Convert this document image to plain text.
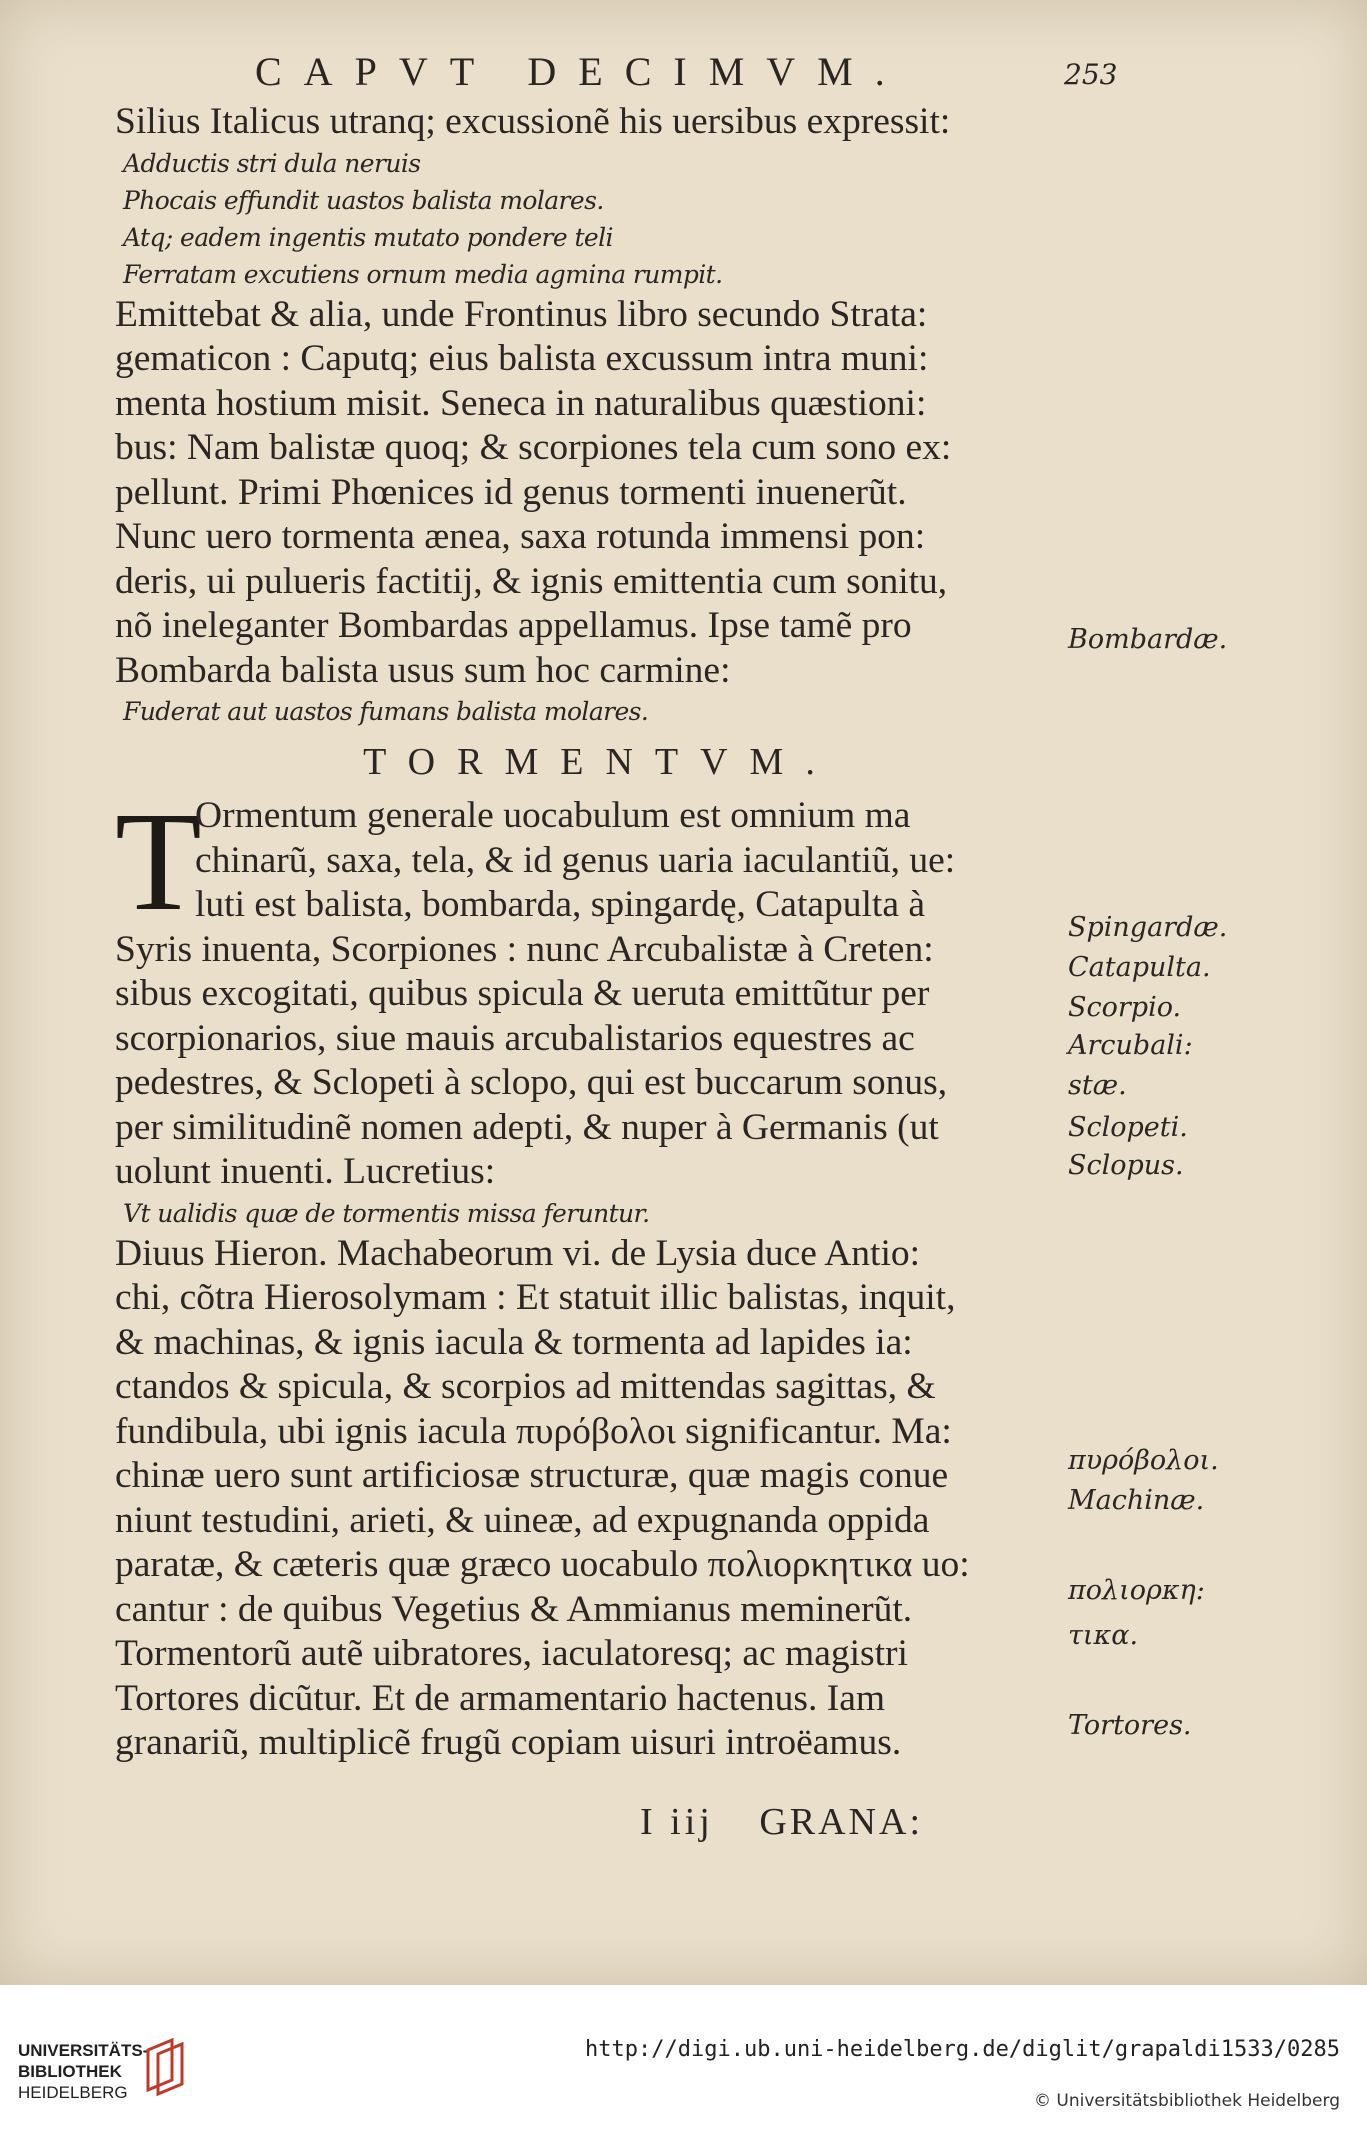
CAPVT DECIMVM.	253
Silius Italicus utranq; excussionẽ his uersibus expressit:
Adductis stri dula neruis
Phocais effundit uastos balista molares.
Atq; eadem ingentis mutato pondere teli
Ferratam excutiens ornum media agmina rumpit.
Emittebat & alia, unde Frontinus libro secundo Strata:
gematicon : Caputq; eius balista excussum intra muni:
menta hostium misit. Seneca in naturalibus quæstioni:
bus: Nam balistæ quoq; & scorpiones tela cum sono ex:
pellunt. Primi Phœnices id genus tormenti inuenerũt.
Nunc uero tormenta ænea, saxa rotunda immensi pon:
deris, ui pulueris factitij, & ignis emittentia cum sonitu,
nõ ineleganter Bombardas appellamus. Ipse tamẽ pro
Bombarda balista usus sum hoc carmine:
Fuderat aut uastos fumans balista molares.
TORMENTVM.
T
Ormentum generale uocabulum est omnium ma
chinarũ, saxa, tela, & id genus uaria iaculantiũ, ue:
luti est balista, bombarda, spingardę, Catapulta à
Syris inuenta, Scorpiones : nunc Arcubalistæ à Creten:
sibus excogitati, quibus spicula & ueruta emittũtur per
scorpionarios, siue mauis arcubalistarios equestres ac
pedestres, & Sclopeti à sclopo, qui est buccarum sonus,
per similitudinẽ nomen adepti, & nuper à Germanis (ut
uolunt inuenti. Lucretius:
Vt ualidis quæ de tormentis missa feruntur.
Diuus Hieron. Machabeorum vi. de Lysia duce Antio:
chi, cõtra Hierosolymam : Et statuit illic balistas, inquit,
& machinas, & ignis iacula & tormenta ad lapides ia:
ctandos & spicula, & scorpios ad mittendas sagittas, &
fundibula, ubi ignis iacula πυρόβολοι significantur. Ma:
chinæ uero sunt artificiosæ structuræ, quæ magis conue
niunt testudini, arieti, & uineæ, ad expugnanda oppida
paratæ, & cæteris quæ græco uocabulo πολιορκητικα uo:
cantur : de quibus Vegetius & Ammianus meminerũt.
Tormentorũ autẽ uibratores, iaculatoresq; ac magistri
Tortores dicũtur. Et de armamentario hactenus. Iam
granariũ, multiplicẽ frugũ copiam uisuri introëamus.
Bombardæ.
Spingardæ.
Catapulta.
Scorpio.
Arcubali:
stæ.
Sclopeti.
Sclopus.
πυρόβολοι.
Machinæ.
πολιορκη:
τικα.
Tortores.
I iij GRANA:
UNIVERSITÄTS-
BIBLIOTHEK
HEIDELBERG
http://digi.ub.uni-heidelberg.de/diglit/grapaldi1533/0285
© Universitätsbibliothek Heidelberg
